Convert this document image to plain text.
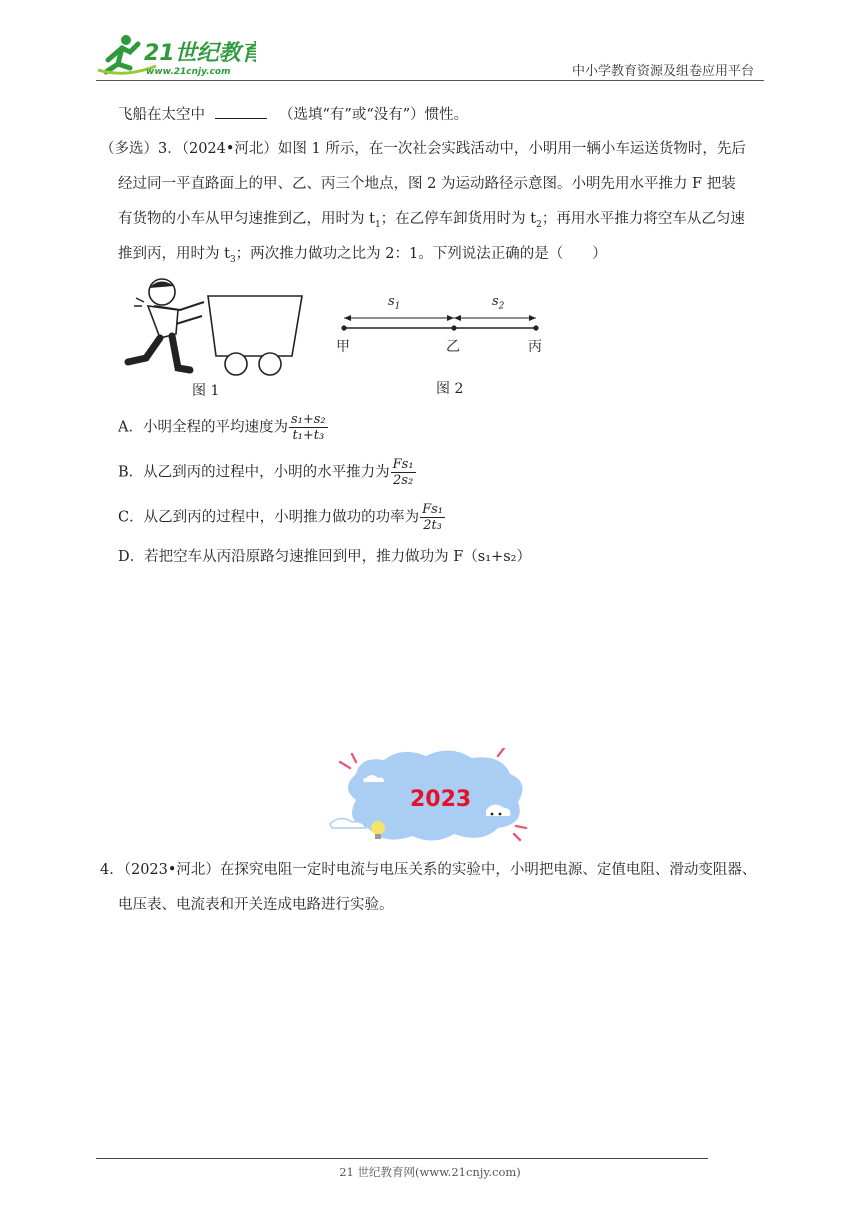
21世纪教育
www.21cnjy.com	中小学教育资源及组卷应用平台
飞船在太空中	（选填“有”或“没有”）惯性。
（多选）3．（2024•河北）如图 1 所示，在一次社会实践活动中，小明用一辆小车运送货物时，先后
经过同一平直路面上的甲、乙、丙三个地点，图 2 为运动路径示意图。小明先用水平推力 F 把装
有货物的小车从甲匀速推到乙，用时为 $t_1$；在乙停车卸货用时为 $t_2$；再用水平推力将空车从乙匀速
推到丙，用时为 $t_3$；两次推力做功之比为 2：1。下列说法正确的是（　　）
图 1
$s_1$	$s_2$
甲	乙	丙
图 2
A．小明全程的平均速度为 $\frac{\text{s₁+s₂}}{\text{t₁+t₃}}$
B．从乙到丙的过程中，小明的水平推力为 $\frac{\text{Fs₁}}{\text{2s₂}}$
C．从乙到丙的过程中，小明推力做功的功率为 $\frac{\text{Fs₁}}{\text{2t₃}}$
D．若把空车从丙沿原路匀速推回到甲，推力做功为 F（s₁+s₂）
2023
4．（2023•河北）在探究电阻一定时电流与电压关系的实验中，小明把电源、定值电阻、滑动变阻器、
电压表、电流表和开关连成电路进行实验。
21 世纪教育网(www.21cnjy.com)
